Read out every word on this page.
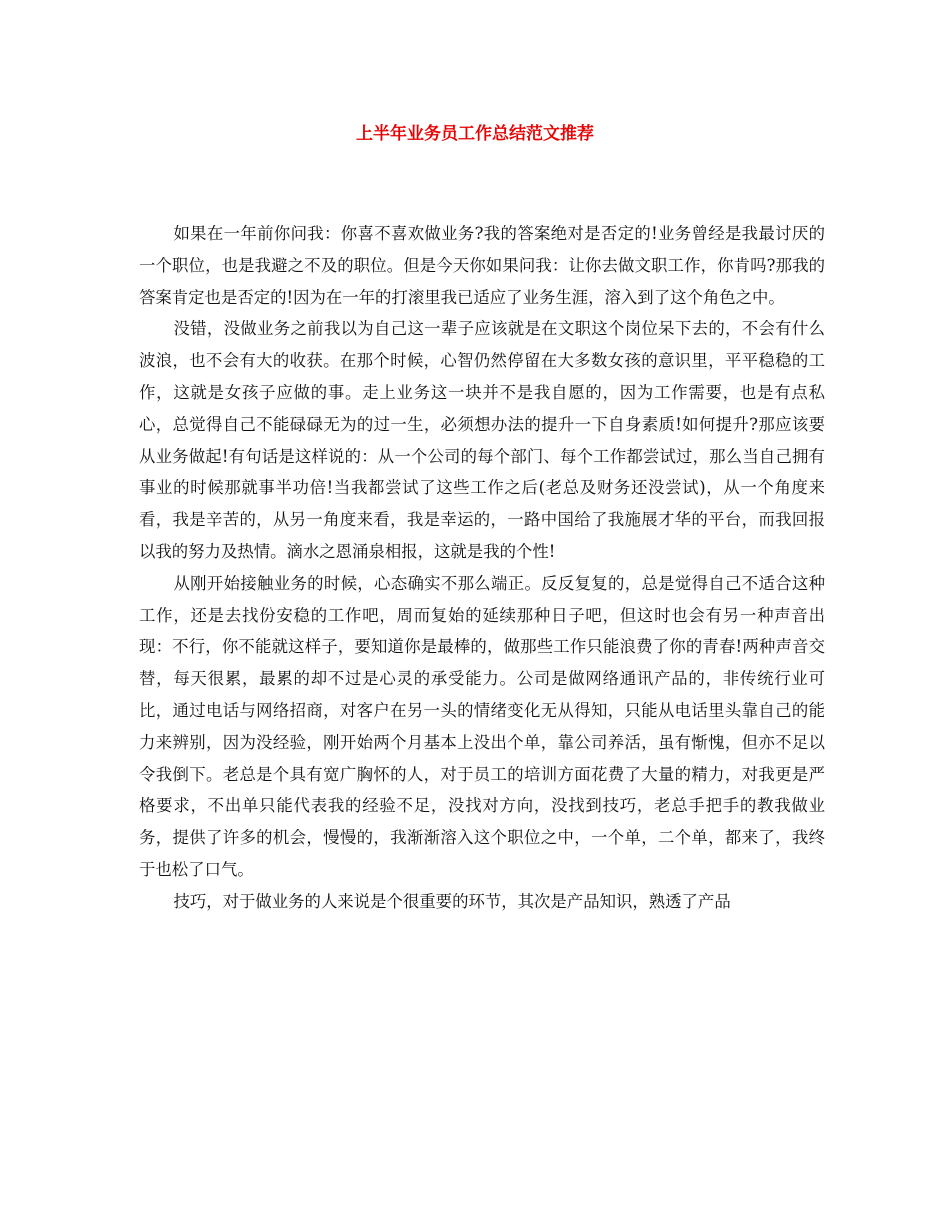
上半年业务员工作总结范文推荐

如果在一年前你问我：你喜不喜欢做业务?我的答案绝对是否定的!业务曾经是我最讨厌的一个职位，也是我避之不及的职位。但是今天你如果问我：让你去做文职工作，你肯吗?那我的答案肯定也是否定的!因为在一年的打滚里我已适应了业务生涯，溶入到了这个角色之中。

没错，没做业务之前我以为自己这一辈子应该就是在文职这个岗位呆下去的，不会有什么波浪，也不会有大的收获。在那个时候，心智仍然停留在大多数女孩的意识里，平平稳稳的工作，这就是女孩子应做的事。走上业务这一块并不是我自愿的，因为工作需要，也是有点私心，总觉得自己不能碌碌无为的过一生，必须想办法的提升一下自身素质!如何提升?那应该要从业务做起!有句话是这样说的：从一个公司的每个部门、每个工作都尝试过，那么当自己拥有事业的时候那就事半功倍!当我都尝试了这些工作之后(老总及财务还没尝试)，从一个角度来看，我是辛苦的，从另一角度来看，我是幸运的，一路中国给了我施展才华的平台，而我回报以我的努力及热情。滴水之恩涌泉相报，这就是我的个性!

从刚开始接触业务的时候，心态确实不那么端正。反反复复的，总是觉得自己不适合这种工作，还是去找份安稳的工作吧，周而复始的延续那种日子吧，但这时也会有另一种声音出现：不行，你不能就这样子，要知道你是最棒的，做那些工作只能浪费了你的青春!两种声音交替，每天很累，最累的却不过是心灵的承受能力。公司是做网络通讯产品的，非传统行业可比，通过电话与网络招商，对客户在另一头的情绪变化无从得知，只能从电话里头靠自己的能力来辨别，因为没经验，刚开始两个月基本上没出个单，靠公司养活，虽有惭愧，但亦不足以令我倒下。老总是个具有宽广胸怀的人，对于员工的培训方面花费了大量的精力，对我更是严格要求，不出单只能代表我的经验不足，没找对方向，没找到技巧，老总手把手的教我做业务，提供了许多的机会，慢慢的，我渐渐溶入这个职位之中，一个单，二个单，都来了，我终于也松了口气。

技巧，对于做业务的人来说是个很重要的环节，其次是产品知识，熟透了产品
